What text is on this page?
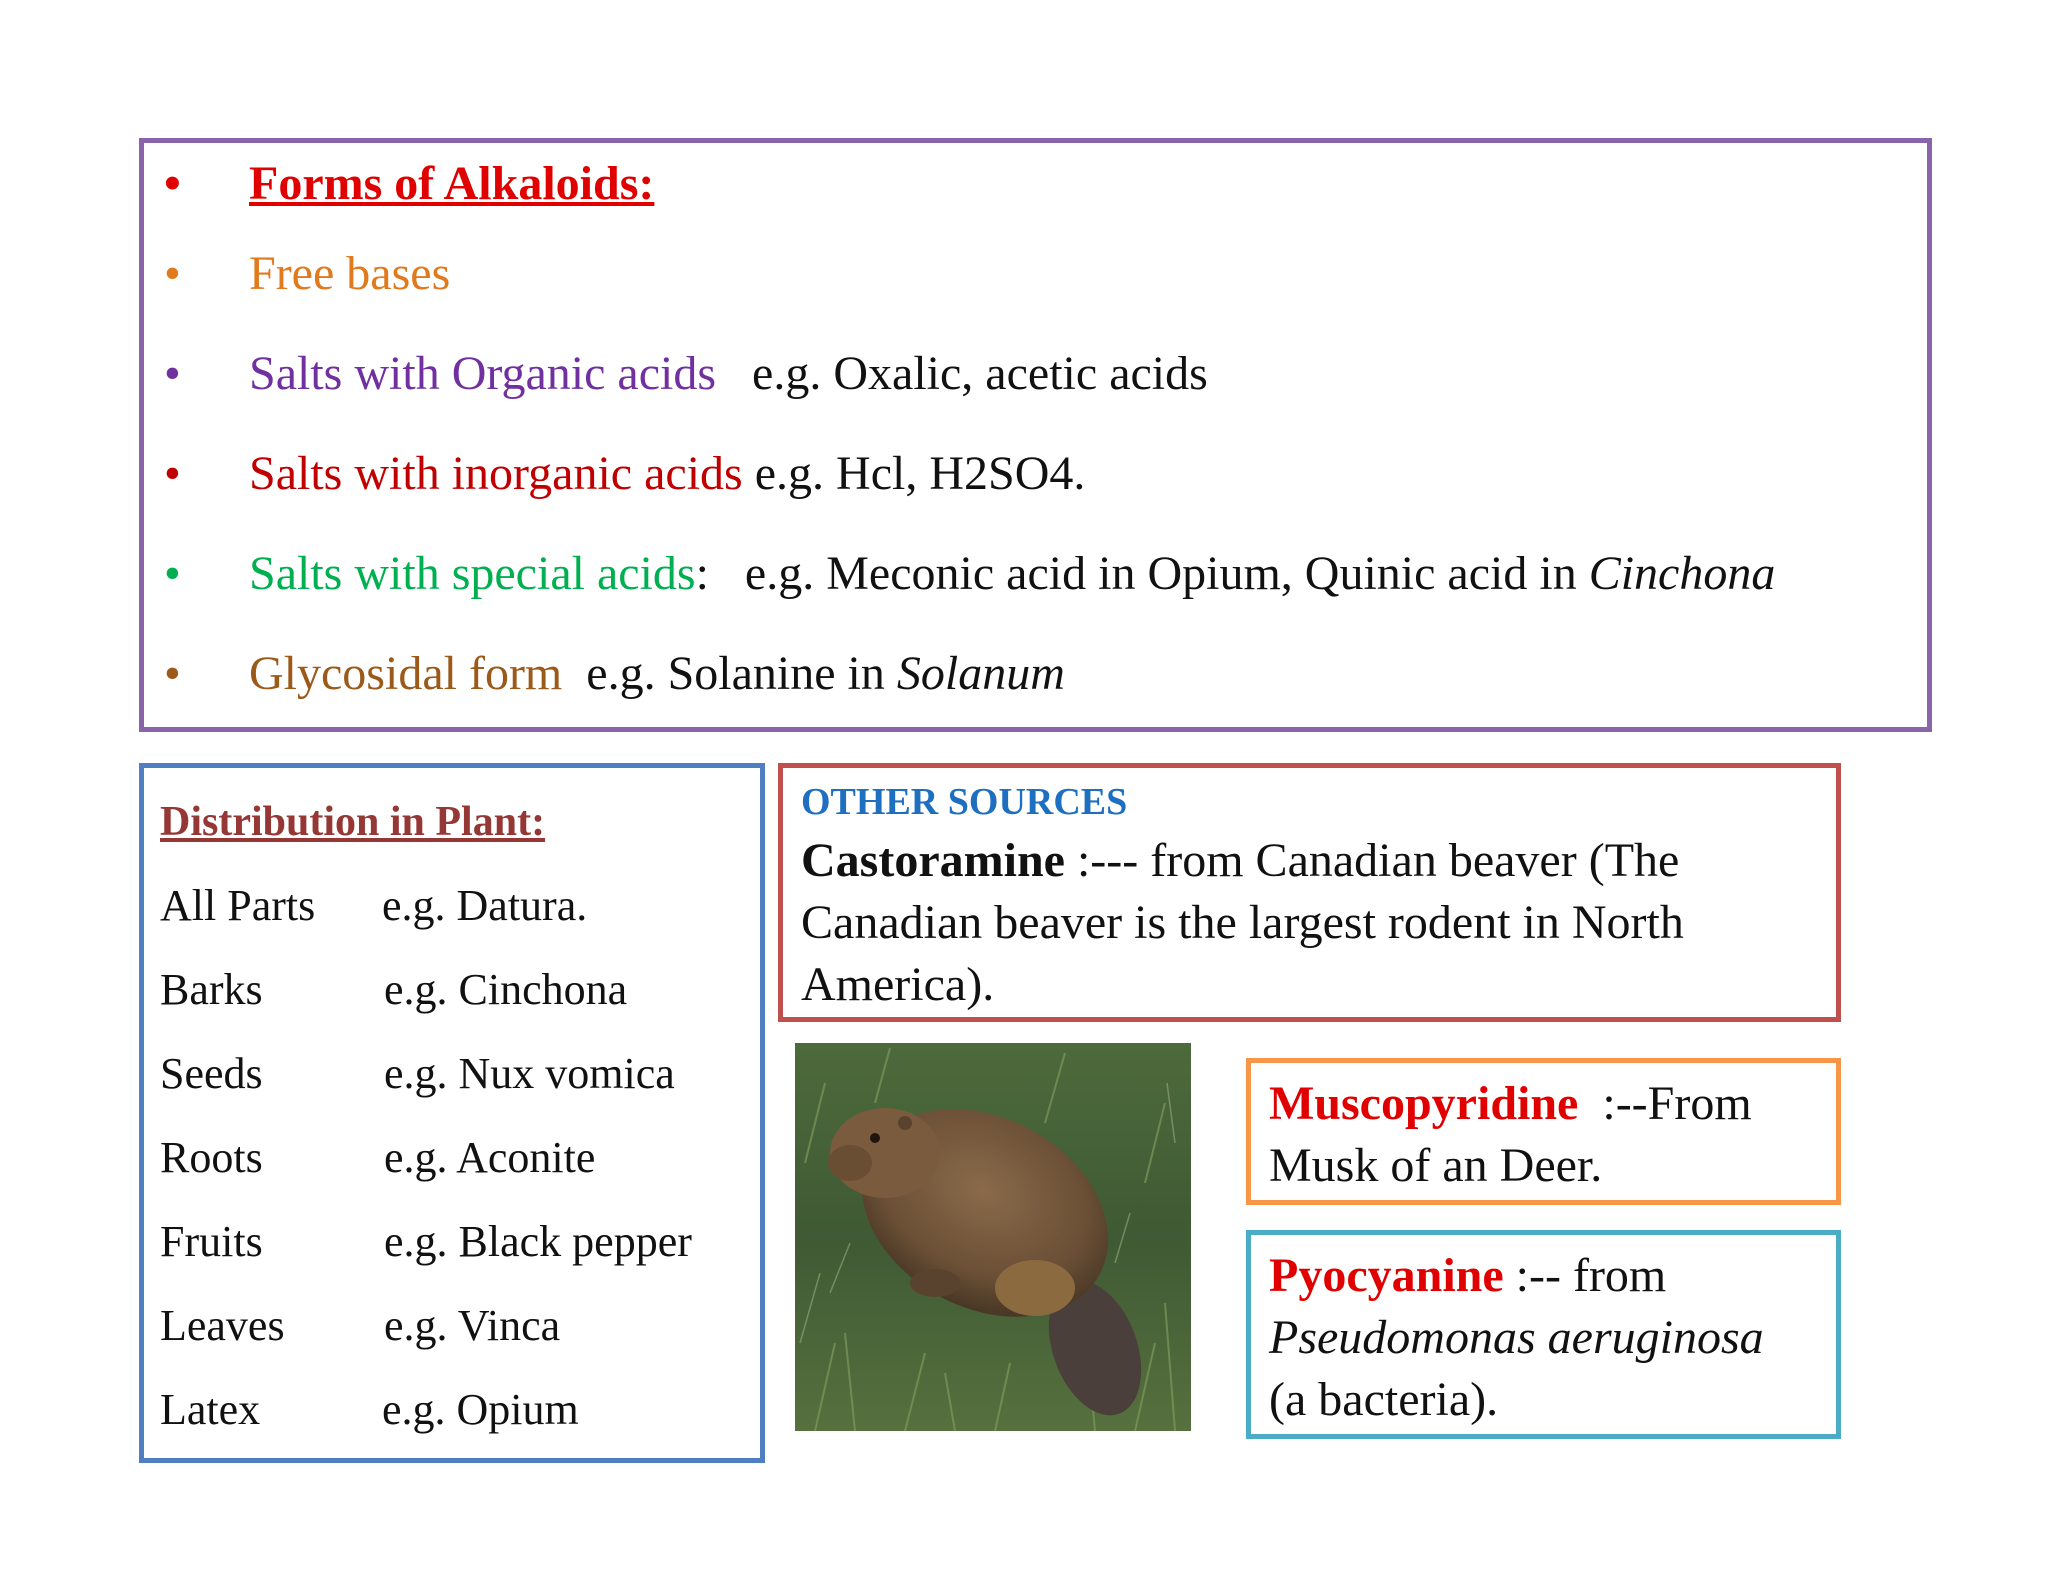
•	Forms of Alkaloids:
•	Free bases
•	Salts with Organic acids e.g. Oxalic, acetic acids
•	Salts with inorganic acids e.g. Hcl, H2SO4.
•	Salts with special acids: e.g. Meconic acid in Opium, Quinic acid in Cinchona
•	Glycosidal form e.g. Solanine in Solanum
Distribution in Plant:
All Parts e.g. Datura.
Barks	e.g. Cinchona
Seeds	e.g. Nux vomica
Roots	e.g. Aconite
Fruits	e.g. Black pepper
Leaves e.g. Vinca
Latex	e.g. Opium
OTHER SOURCES
Castoramine :--- from Canadian beaver (The Canadian beaver is the largest rodent in North America).
Muscopyridine  :--From
Musk of an Deer.
Pyocyanine :-- from
Pseudomonas aeruginosa
(a bacteria).
